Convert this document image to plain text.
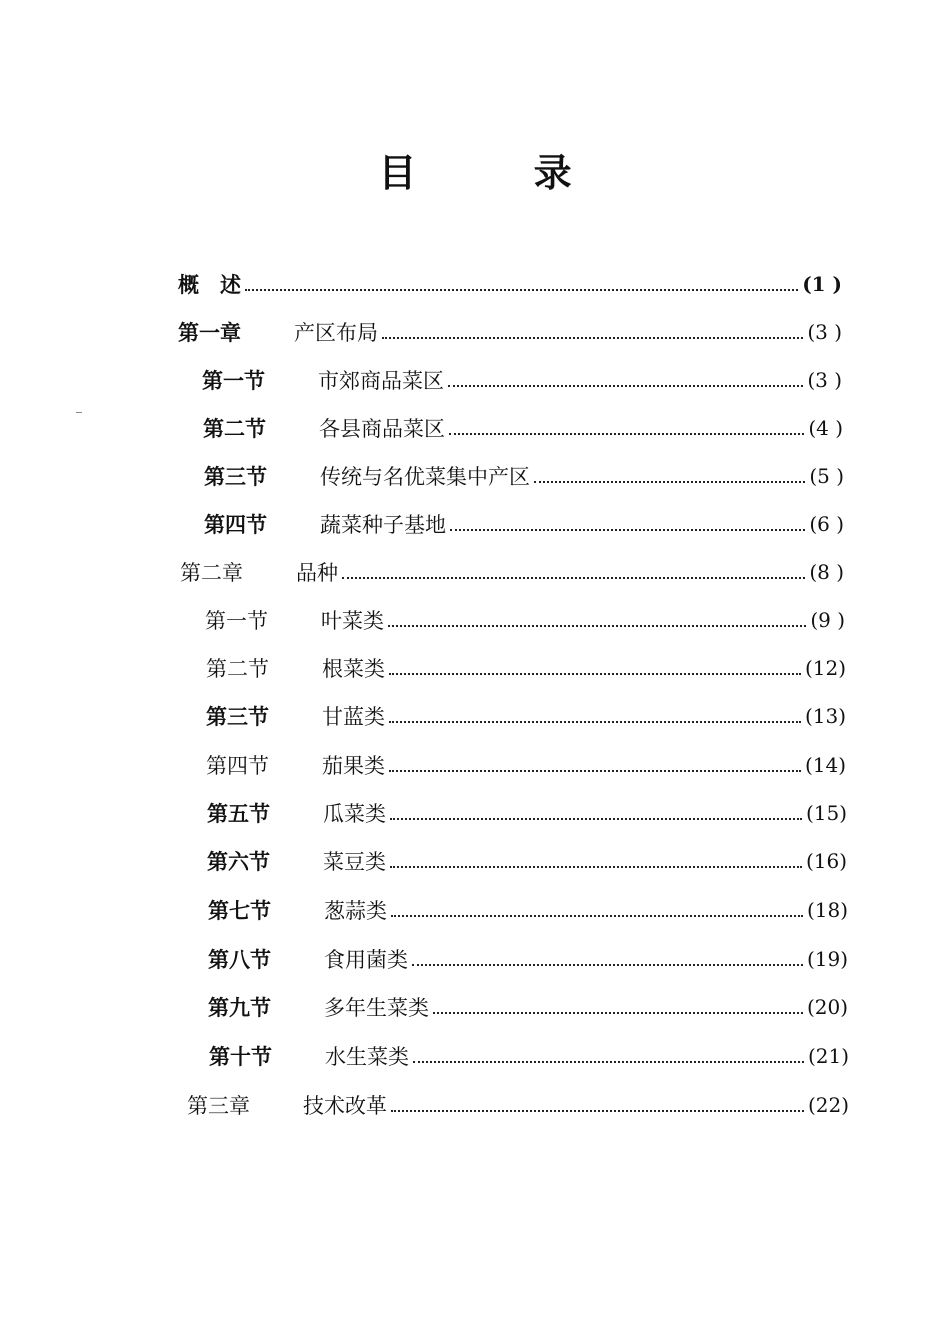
目 录
概　述	(1 )
第一章	产区布局	(3 )
第一节	市郊商品菜区	(3 )
第二节	各县商品菜区	(4 )
第三节	传统与名优菜集中产区	(5 )
第四节	蔬菜种子基地	(6 )
第二章	品种	(8 )
第一节	叶菜类	(9 )
第二节	根菜类	(12)
第三节	甘蓝类	(13)
第四节	茄果类	(14)
第五节	瓜菜类	(15)
第六节	菜豆类	(16)
第七节	葱蒜类	(18)
第八节	食用菌类	(19)
第九节	多年生菜类	(20)
第十节	水生菜类	(21)
第三章	技术改革	(22)
